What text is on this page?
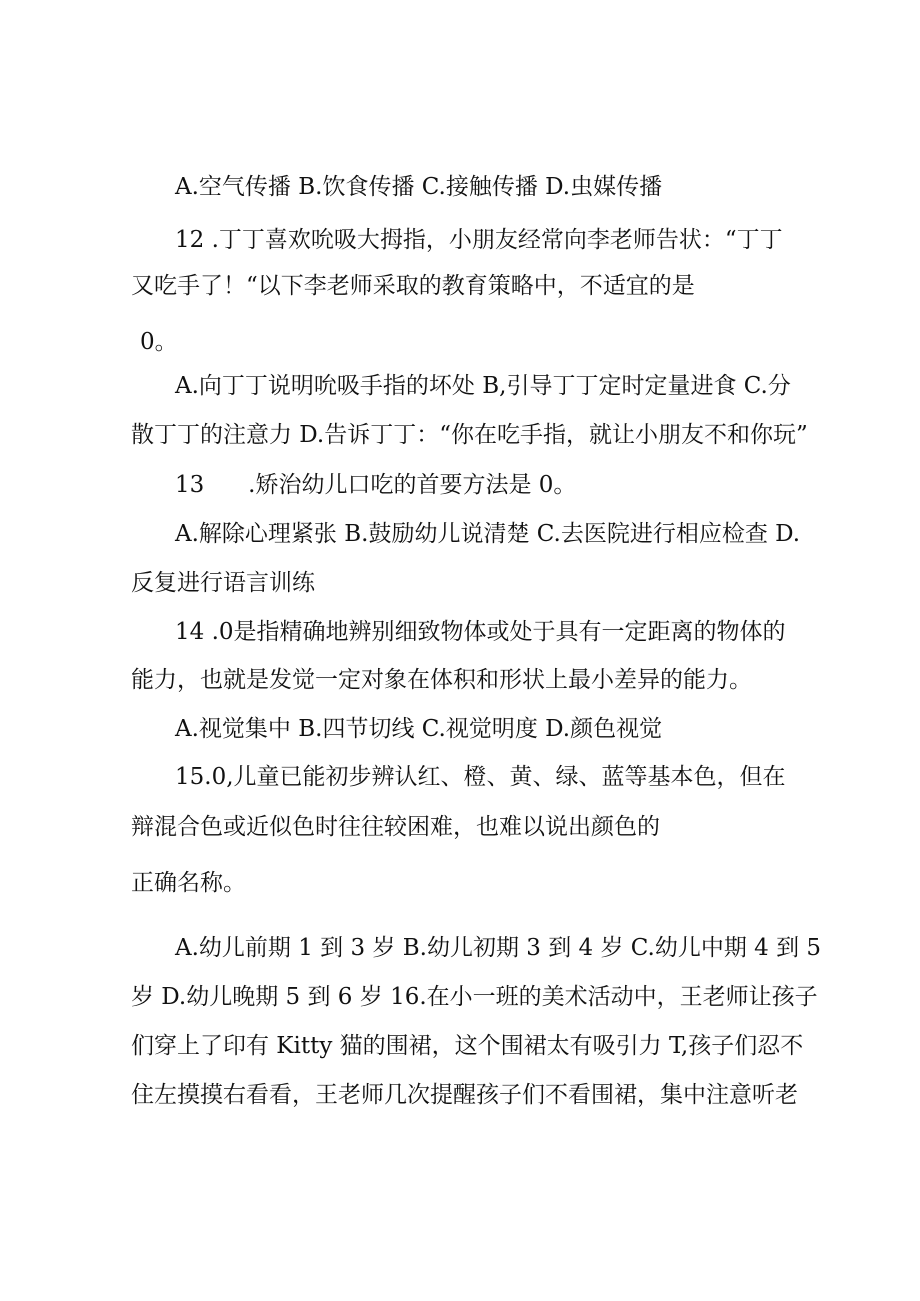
A.空气传播 B.饮食传播 C.接触传播 D.虫媒传播
12 .丁丁喜欢吮吸大拇指，小朋友经常向李老师告状：“丁丁
又吃手了！“以下李老师采取的教育策略中，不适宜的是
0。
A.向丁丁说明吮吸手指的坏处 B,引导丁丁定时定量进食 C.分
散丁丁的注意力 D.告诉丁丁：“你在吃手指，就让小朋友不和你玩”
13      .矫治幼儿口吃的首要方法是 0。
A.解除心理紧张 B.鼓励幼儿说清楚 C.去医院进行相应检查 D.
反复进行语言训练
14 .0是指精确地辨别细致物体或处于具有一定距离的物体的
能力，也就是发觉一定对象在体积和形状上最小差异的能力。
A.视觉集中 B.四节切线 C.视觉明度 D.颜色视觉
15.0,儿童已能初步辨认红、橙、黄、绿、蓝等基本色，但在
辩混合色或近似色时往往较困难，也难以说出颜色的
正确名称。
A.幼儿前期 1 到 3 岁 B.幼儿初期 3 到 4 岁 C.幼儿中期 4 到 5
岁 D.幼儿晚期 5 到 6 岁 16.在小一班的美术活动中，王老师让孩子
们穿上了印有 Kitty 猫的围裙，这个围裙太有吸引力 T,孩子们忍不
住左摸摸右看看，王老师几次提醒孩子们不看围裙，集中注意听老
